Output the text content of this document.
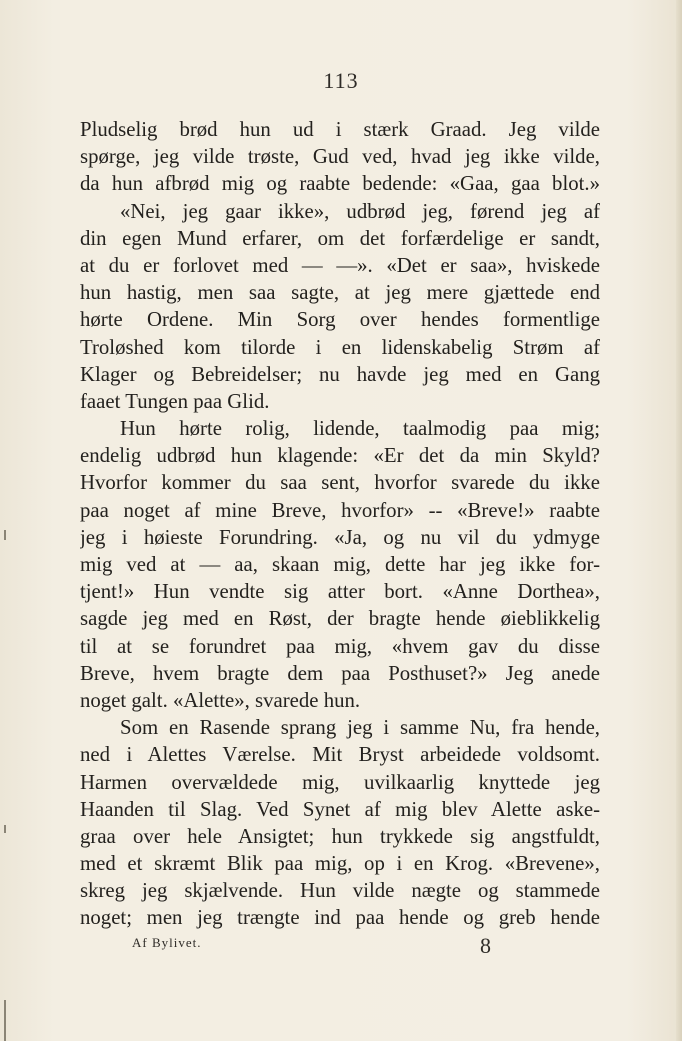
113
Pludselig brød hun ud i stærk Graad. Jeg vilde
spørge, jeg vilde trøste, Gud ved, hvad jeg ikke vilde,
da hun afbrød mig og raabte bedende: «Gaa, gaa blot.»
«Nei, jeg gaar ikke», udbrød jeg, førend jeg af
din egen Mund erfarer, om det forfærdelige er sandt,
at du er forlovet med — —». «Det er saa», hviskede
hun hastig, men saa sagte, at jeg mere gjættede end
hørte Ordene. Min Sorg over hendes formentlige
Troløshed kom tilorde i en lidenskabelig Strøm af
Klager og Bebreidelser; nu havde jeg med en Gang
faaet Tungen paa Glid.
Hun hørte rolig, lidende, taalmodig paa mig;
endelig udbrød hun klagende: «Er det da min Skyld?
Hvorfor kommer du saa sent, hvorfor svarede du ikke
paa noget af mine Breve, hvorfor» -- «Breve!» raabte
jeg i høieste Forundring. «Ja, og nu vil du ydmyge
mig ved at — aa, skaan mig, dette har jeg ikke for-
tjent!» Hun vendte sig atter bort. «Anne Dorthea»,
sagde jeg med en Røst, der bragte hende øieblikkelig
til at se forundret paa mig, «hvem gav du disse
Breve, hvem bragte dem paa Posthuset?» Jeg anede
noget galt. «Alette», svarede hun.
Som en Rasende sprang jeg i samme Nu, fra hende,
ned i Alettes Værelse. Mit Bryst arbeidede voldsomt.
Harmen overvældede mig, uvilkaarlig knyttede jeg
Haanden til Slag. Ved Synet af mig blev Alette aske-
graa over hele Ansigtet; hun trykkede sig angstfuldt,
med et skræmt Blik paa mig, op i en Krog. «Brevene»,
skreg jeg skjælvende. Hun vilde nægte og stammede
noget; men jeg trængte ind paa hende og greb hende
Af Bylivet.	8
